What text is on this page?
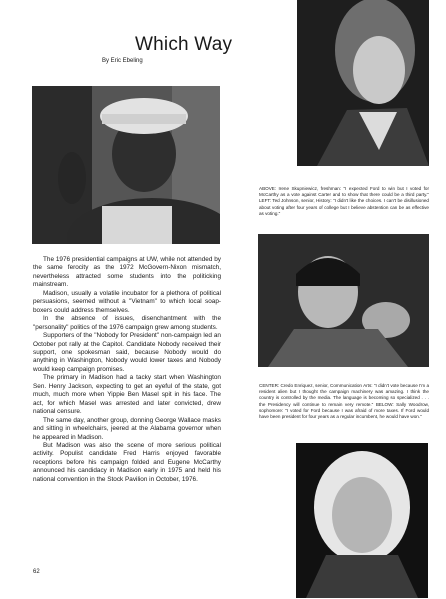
Which Way
By Eric Ebeling
ABOVE: Irene Skupniewicz, freshman: "I expected Ford to win but I voted for McCarthy as a vote against Carter and to show that there could be a third party." LEFT: Ted Johnson, senior, History: "I didn't like the choices. I can't be disillusioned about voting after four years of college but I believe abstention can be as effective as voting."
CENTER: Credo Enriquez, senior, Communication Arts: "I didn't vote because I'm a resident alien but I thought the campaign machinery was amazing. I think the country is controlled by the media. The language is becoming so specialized . . . the Presidency will continue to remain very remote." BELOW: Sally Woodrow, sophomore: "I voted for Ford because I was afraid of more taxes. If Ford would have been president for four years as a regular incumbent, he would have won."

The 1976 presidential campaigns at UW, while not attended by the same ferocity as the 1972 McGovern-Nixon mismatch, nevertheless attracted some students into the politicking mainstream.

Madison, usually a volatile incubator for a plethora of political persuasions, seemed without a "Vietnam" to which local soap-boxers could address themselves.

In the absence of issues, disenchantment with the "personality" politics of the 1976 campaign grew among students.

Supporters of the "Nobody for President" non-campaign led an October pot rally at the Capitol. Candidate Nobody received their support, one spokesman said, because Nobody would do anything in Washington, Nobody would lower taxes and Nobody would keep campaign promises.

The primary in Madison had a tacky start when Washington Sen. Henry Jackson, expecting to get an eyeful of the state, got much, much more when Yippie Ben Masel spit in his face. The act, for which Masel was arrested and later convicted, drew national censure.

The same day, another group, donning George Wallace masks and sitting in wheelchairs, jeered at the Alabama governor when he appeared in Madison.

But Madison was also the scene of more serious political activity. Populist candidate Fred Harris enjoyed favorable receptions before his campaign folded and Eugene McCarthy announced his candidacy in Madison early in 1975 and held his national convention in the Stock Pavilion in October, 1976.

62
